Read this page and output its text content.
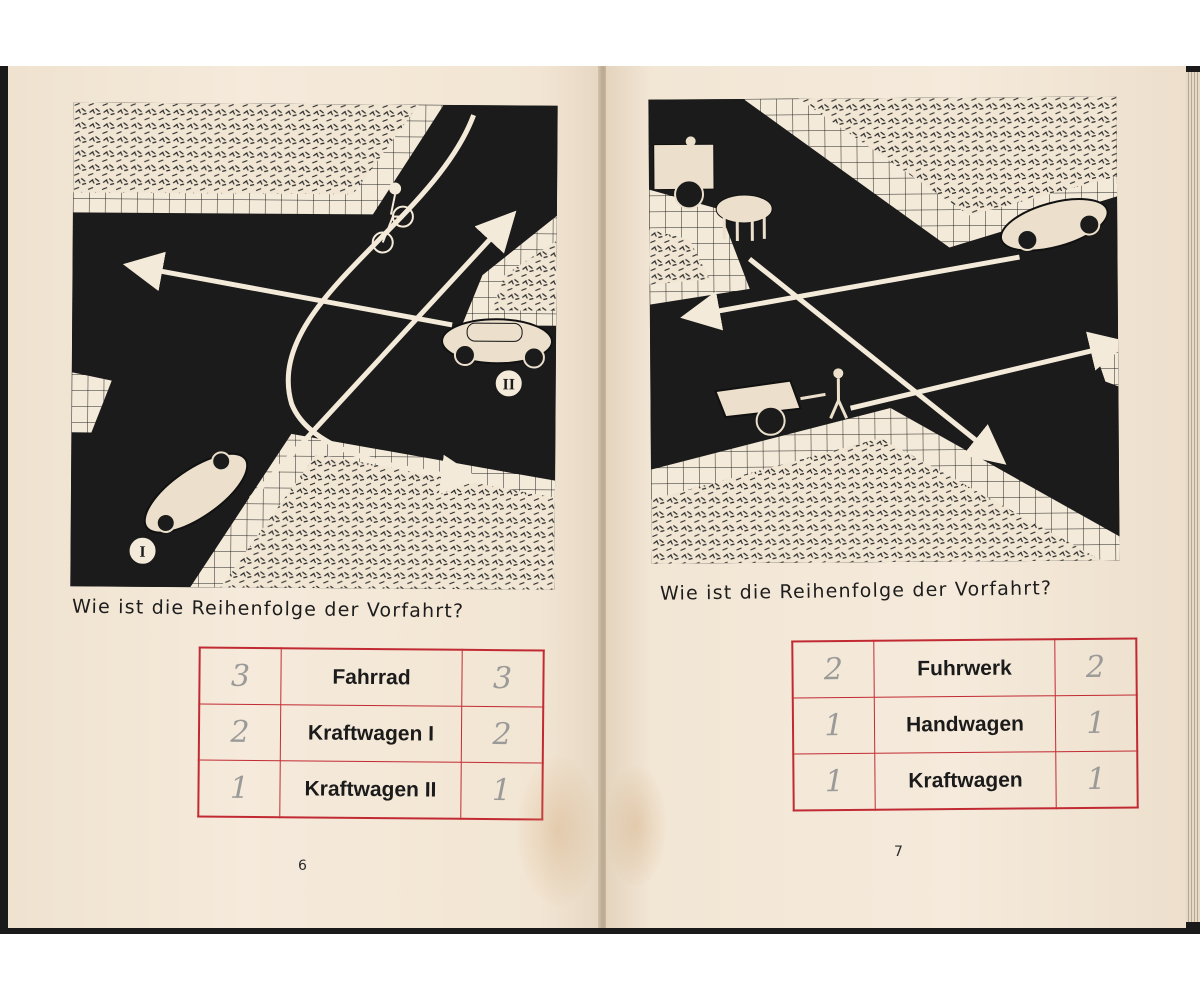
I
II
Wie ist die Reihenfolge der Vorfahrt?
3	Fahrrad	3
2	Kraftwagen I	2
1	Kraftwagen II	1
6
Wie ist die Reihenfolge der Vorfahrt?
2	Fuhrwerk	2
1	Handwagen	1
1	Kraftwagen	1
7
